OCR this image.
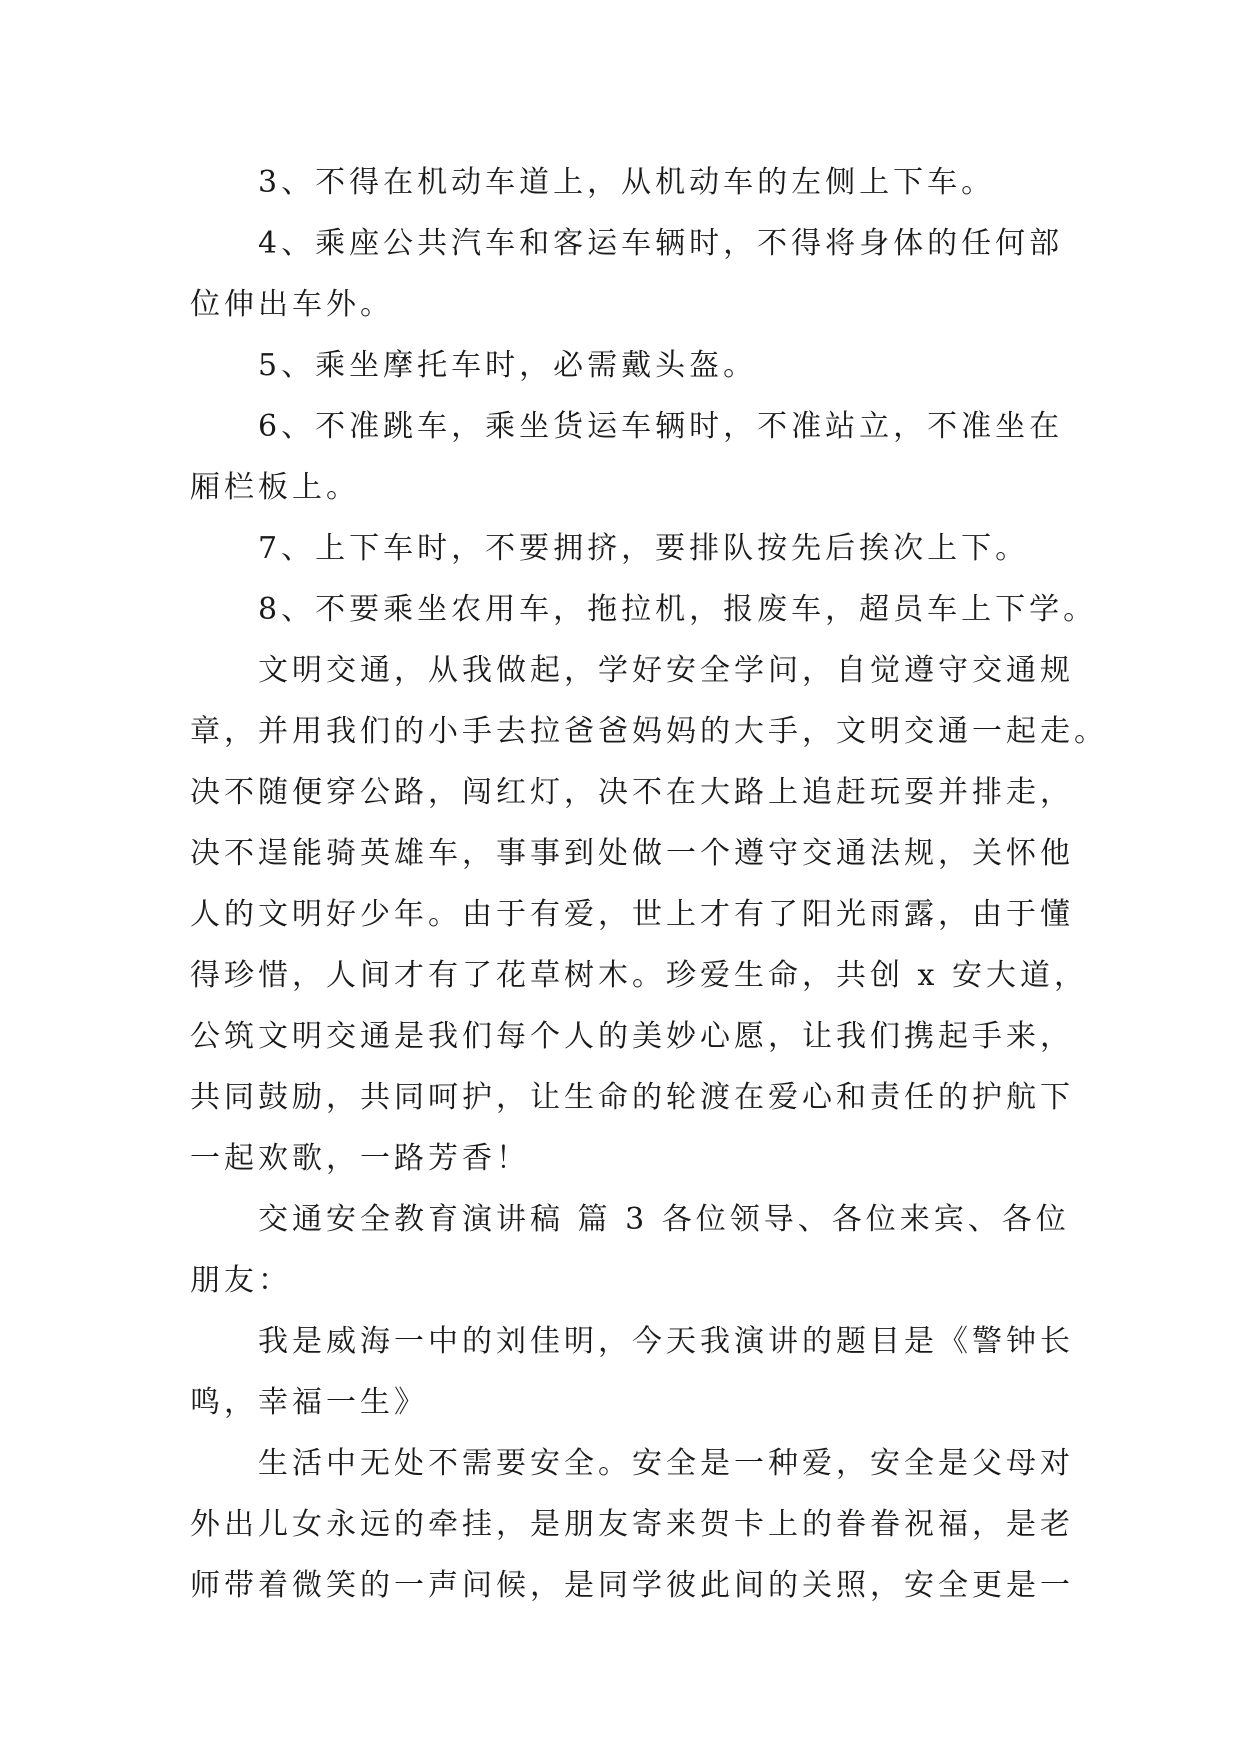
3、不得在机动车道上，从机动车的左侧上下车。
4、乘座公共汽车和客运车辆时，不得将身体的任何部
位伸出车外。
5、乘坐摩托车时，必需戴头盔。
6、不准跳车，乘坐货运车辆时，不准站立，不准坐在
厢栏板上。
7、上下车时，不要拥挤，要排队按先后挨次上下。
8、不要乘坐农用车，拖拉机，报废车，超员车上下学。
文明交通，从我做起，学好安全学问，自觉遵守交通规
章，并用我们的小手去拉爸爸妈妈的大手，文明交通一起走。
决不随便穿公路，闯红灯，决不在大路上追赶玩耍并排走，
决不逞能骑英雄车，事事到处做一个遵守交通法规，关怀他
人的文明好少年。由于有爱，世上才有了阳光雨露，由于懂
得珍惜，人间才有了花草树木。珍爱生命，共创 x 安大道，
公筑文明交通是我们每个人的美妙心愿，让我们携起手来，
共同鼓励，共同呵护，让生命的轮渡在爱心和责任的护航下
一起欢歌，一路芳香！
交通安全教育演讲稿 篇 3 各位领导、各位来宾、各位
朋友：
我是威海一中的刘佳明，今天我演讲的题目是《警钟长
鸣，幸福一生》
生活中无处不需要安全。安全是一种爱，安全是父母对
外出儿女永远的牵挂，是朋友寄来贺卡上的眷眷祝福，是老
师带着微笑的一声问候，是同学彼此间的关照，安全更是一
